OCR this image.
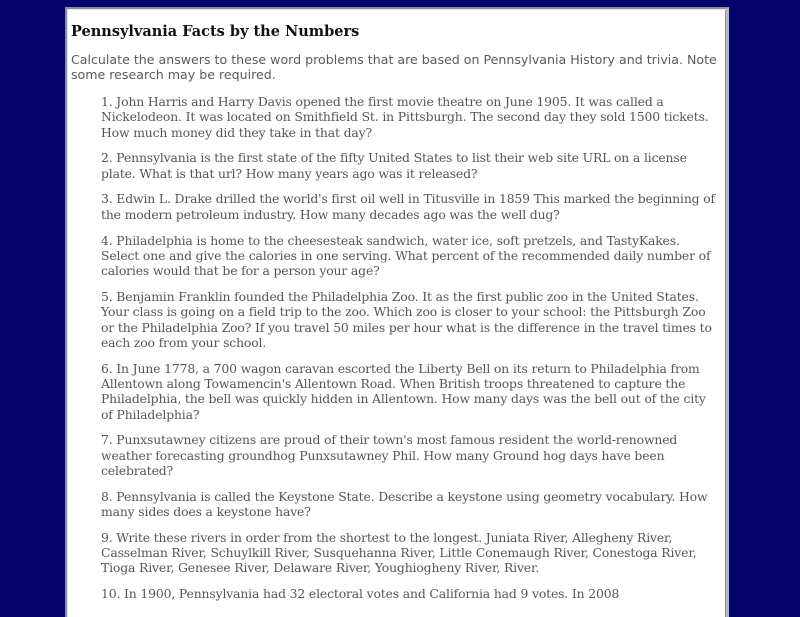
Pennsylvania Facts by the Numbers

Calculate the answers to these word problems that are based on Pennsylvania History and trivia. Note some research may be required.

1. John Harris and Harry Davis opened the first movie theatre on June 1905. It was called a Nickelodeon. It was located on Smithfield St. in Pittsburgh. The second day they sold 1500 tickets. How much money did they take in that day?
2. Pennsylvania is the first state of the fifty United States to list their web site URL on a license plate. What is that url? How many years ago was it released?
3. Edwin L. Drake drilled the world's first oil well in Titusville in 1859 This marked the beginning of the modern petroleum industry. How many decades ago was the well dug?
4. Philadelphia is home to the cheesesteak sandwich, water ice, soft pretzels, and TastyKakes. Select one and give the calories in one serving. What percent of the recommended daily number of calories would that be for a person your age?
5. Benjamin Franklin founded the Philadelphia Zoo. It as the first public zoo in the United States. Your class is going on a field trip to the zoo. Which zoo is closer to your school: the Pittsburgh Zoo or the Philadelphia Zoo? If you travel 50 miles per hour what is the difference in the travel times to each zoo from your school.
6. In June 1778, a 700 wagon caravan escorted the Liberty Bell on its return to Philadelphia from Allentown along Towamencin's Allentown Road. When British troops threatened to capture the Philadelphia, the bell was quickly hidden in Allentown. How many days was the bell out of the city of Philadelphia?
7. Punxsutawney citizens are proud of their town's most famous resident the world-renowned weather forecasting groundhog Punxsutawney Phil. How many Ground hog days have been celebrated?
8. Pennsylvania is called the Keystone State. Describe a keystone using geometry vocabulary. How many sides does a keystone have?
9. Write these rivers in order from the shortest to the longest. Juniata River, Allegheny River, Casselman River, Schuylkill River, Susquehanna River, Little Conemaugh River, Conestoga River, Tioga River, Genesee River, Delaware River, Youghiogheny River, River.
10. In 1900, Pennsylvania had 32 electoral votes and California had 9 votes. In 2008
